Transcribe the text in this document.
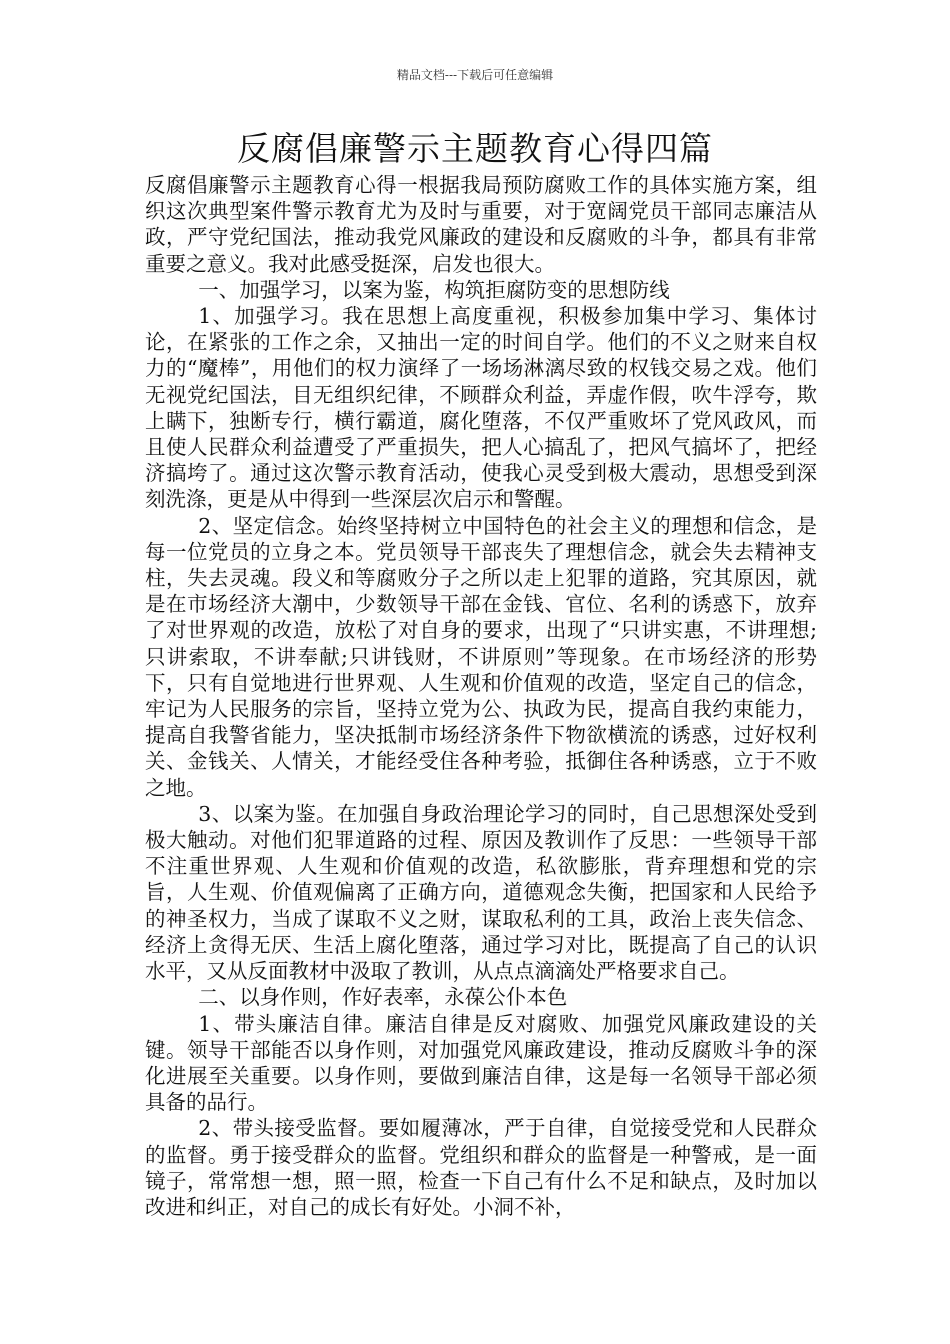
精品文档---下载后可任意编辑
反腐倡廉警示主题教育心得四篇

反腐倡廉警示主题教育心得一根据我局预防腐败工作的具体实施方案，组织这次典型案件警示教育尤为及时与重要，对于宽阔党员干部同志廉洁从政，严守党纪国法，推动我党风廉政的建设和反腐败的斗争，都具有非常重要之意义。我对此感受挺深，启发也很大。

一、加强学习，以案为鉴，构筑拒腐防变的思想防线

1、加强学习。我在思想上高度重视，积极参加集中学习、集体讨论，在紧张的工作之余，又抽出一定的时间自学。他们的不义之财来自权力的“魔棒”，用他们的权力演绎了一场场淋漓尽致的权钱交易之戏。他们无视党纪国法，目无组织纪律，不顾群众利益，弄虚作假，吹牛浮夸，欺上瞒下，独断专行，横行霸道，腐化堕落，不仅严重败坏了党风政风，而且使人民群众利益遭受了严重损失，把人心搞乱了，把风气搞坏了，把经济搞垮了。通过这次警示教育活动，使我心灵受到极大震动，思想受到深刻洗涤，更是从中得到一些深层次启示和警醒。

2、坚定信念。始终坚持树立中国特色的社会主义的理想和信念，是每一位党员的立身之本。党员领导干部丧失了理想信念，就会失去精神支柱，失去灵魂。段义和等腐败分子之所以走上犯罪的道路，究其原因，就是在市场经济大潮中，少数领导干部在金钱、官位、名利的诱惑下，放弃了对世界观的改造，放松了对自身的要求，出现了“只讲实惠，不讲理想;只讲索取，不讲奉献;只讲钱财，不讲原则”等现象。在市场经济的形势下，只有自觉地进行世界观、人生观和价值观的改造，坚定自己的信念，牢记为人民服务的宗旨，坚持立党为公、执政为民，提高自我约束能力，提高自我警省能力，坚决抵制市场经济条件下物欲横流的诱惑，过好权利关、金钱关、人情关，才能经受住各种考验，抵御住各种诱惑，立于不败之地。

3、以案为鉴。在加强自身政治理论学习的同时，自己思想深处受到极大触动。对他们犯罪道路的过程、原因及教训作了反思：一些领导干部不注重世界观、人生观和价值观的改造，私欲膨胀，背弃理想和党的宗旨，人生观、价值观偏离了正确方向，道德观念失衡，把国家和人民给予的神圣权力，当成了谋取不义之财，谋取私利的工具，政治上丧失信念、经济上贪得无厌、生活上腐化堕落，通过学习对比，既提高了自己的认识水平，又从反面教材中汲取了教训，从点点滴滴处严格要求自己。

二、以身作则，作好表率，永葆公仆本色

1、带头廉洁自律。廉洁自律是反对腐败、加强党风廉政建设的关键。领导干部能否以身作则，对加强党风廉政建设，推动反腐败斗争的深化进展至关重要。以身作则，要做到廉洁自律，这是每一名领导干部必须具备的品行。

2、带头接受监督。要如履薄冰，严于自律，自觉接受党和人民群众的监督。勇于接受群众的监督。党组织和群众的监督是一种警戒，是一面镜子，常常想一想，照一照，检查一下自己有什么不足和缺点，及时加以改进和纠正，对自己的成长有好处。小洞不补，
